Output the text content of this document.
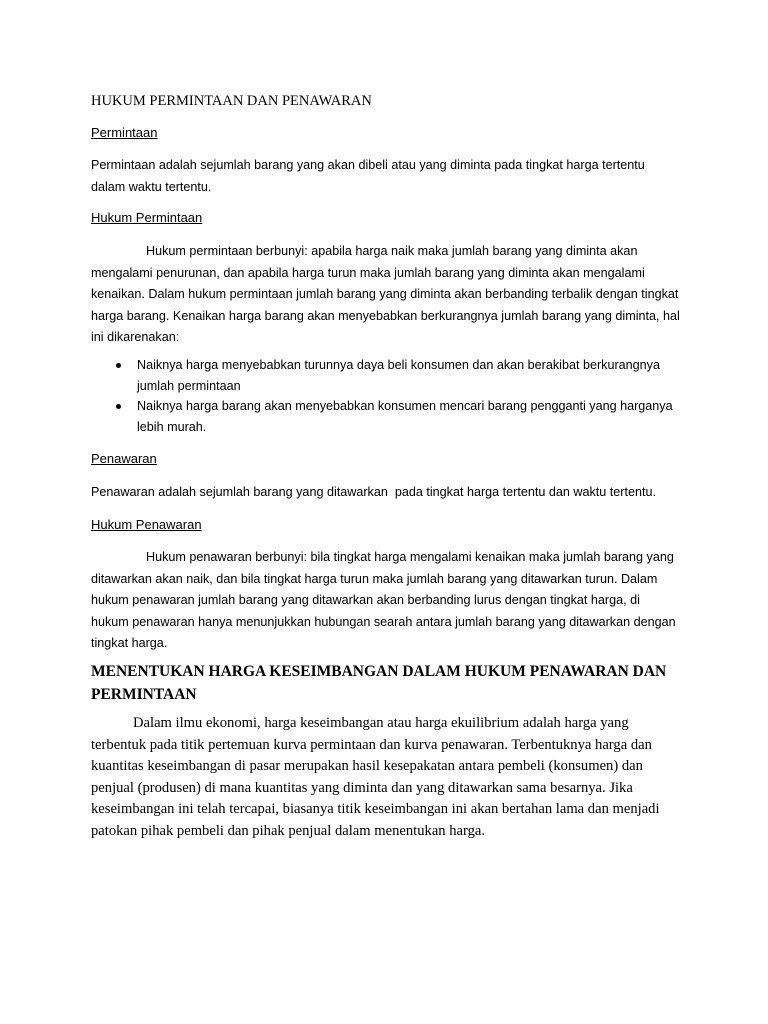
HUKUM PERMINTAAN DAN PENAWARAN
Permintaan
Permintaan adalah sejumlah barang yang akan dibeli atau yang diminta pada tingkat harga tertentu dalam waktu tertentu.
Hukum Permintaan
Hukum permintaan berbunyi: apabila harga naik maka jumlah barang yang diminta akan mengalami penurunan, dan apabila harga turun maka jumlah barang yang diminta akan mengalami kenaikan. Dalam hukum permintaan jumlah barang yang diminta akan berbanding terbalik dengan tingkat harga barang. Kenaikan harga barang akan menyebabkan berkurangnya jumlah barang yang diminta, hal ini dikarenakan:
Naiknya harga menyebabkan turunnya daya beli konsumen dan akan berakibat berkurangnya jumlah permintaan
Naiknya harga barang akan menyebabkan konsumen mencari barang pengganti yang harganya lebih murah.
Penawaran
Penawaran adalah sejumlah barang yang ditawarkan  pada tingkat harga tertentu dan waktu tertentu.
Hukum Penawaran
Hukum penawaran berbunyi: bila tingkat harga mengalami kenaikan maka jumlah barang yang ditawarkan akan naik, dan bila tingkat harga turun maka jumlah barang yang ditawarkan turun. Dalam hukum penawaran jumlah barang yang ditawarkan akan berbanding lurus dengan tingkat harga, di hukum penawaran hanya menunjukkan hubungan searah antara jumlah barang yang ditawarkan dengan tingkat harga.
MENENTUKAN HARGA KESEIMBANGAN DALAM HUKUM PENAWARAN DAN PERMINTAAN
Dalam ilmu ekonomi, harga keseimbangan atau harga ekuilibrium adalah harga yang terbentuk pada titik pertemuan kurva permintaan dan kurva penawaran. Terbentuknya harga dan kuantitas keseimbangan di pasar merupakan hasil kesepakatan antara pembeli (konsumen) dan penjual (produsen) di mana kuantitas yang diminta dan yang ditawarkan sama besarnya. Jika keseimbangan ini telah tercapai, biasanya titik keseimbangan ini akan bertahan lama dan menjadi patokan pihak pembeli dan pihak penjual dalam menentukan harga.
